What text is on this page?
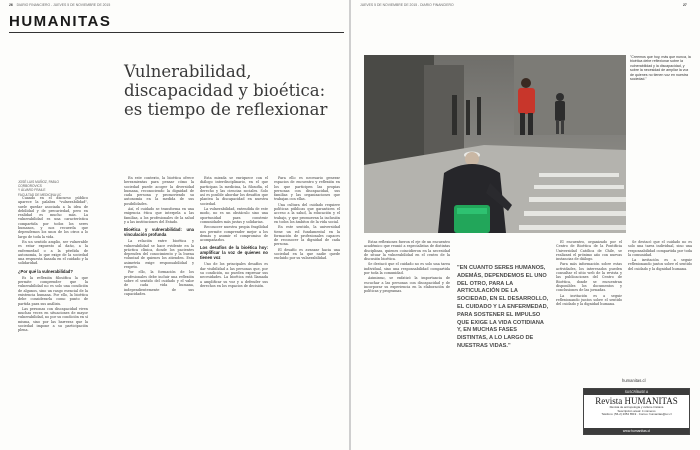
26 DIARIO FINANCIERO - JUEVES 5 DE NOVIEMBRE DE 2015
HUMANITAS
Vulnerabilidad, discapacidad y bioética: es tiempo de reflexionar
JOSÉ LUIS MUÑOZ, PABLO CORBOROVICS
Y ÁLVARO FRAILE
FACULTAD DE MEDICINA UC

Cuando en el discurso público aparece la palabra "vulnerabilidad", suele quedar asociada a la idea de debilidad y de precariedad, pero en realidad es mucho más. La vulnerabilidad es una característica compartida por todos los seres humanos, y nos recuerda que dependemos los unos de los otros a lo largo de toda la vida.

En un sentido amplio, ser vulnerable es estar expuesto al daño, a la enfermedad o a la pérdida de autonomía, lo que exige de la sociedad una respuesta basada en el cuidado y la solidaridad.

¿Por qué la vulnerabilidad?

Es la reflexión filosófica la que permite comprender que la vulnerabilidad no es solo una condición de algunos, sino un rasgo esencial de la existencia humana. Por ello, la bioética debe considerarla como punto de partida para sus análisis.

Las personas con discapacidad viven muchas veces en situaciones de mayor vulnerabilidad, no por su condición en sí misma, sino por las barreras que la sociedad impone a su participación plena.

En este contexto, la bioética ofrece herramientas para pensar cómo la sociedad puede acoger la diversidad humana, reconociendo la dignidad de cada persona y promoviendo su autonomía en la medida de sus posibilidades.

Así, el cuidado se transforma en una exigencia ética que interpela a las familias, a los profesionales de la salud y a las instituciones del Estado.

Bioética y vulnerabilidad: una vinculación profunda

La relación entre bioética y vulnerabilidad se hace evidente en la práctica clínica, donde los pacientes dependen del conocimiento y la buena voluntad de quienes los atienden. Esta asimetría exige responsabilidad y respeto.

Por ello, la formación de los profesionales debe incluir una reflexión sobre el sentido del cuidado y el valor de cada vida humana, independientemente de sus capacidades.

Esta mirada se enriquece con el diálogo interdisciplinario, en el que participan la medicina, la filosofía, el derecho y las ciencias sociales. Solo así es posible abordar los desafíos que plantea la discapacidad en nuestra sociedad.

La vulnerabilidad, entendida de este modo, no es un obstáculo sino una oportunidad para construir comunidades más justas y solidarias.

Reconocer nuestra propia fragilidad nos permite comprender mejor a los demás y asumir el compromiso de acompañarlos.

Los desafíos de la bioética hoy: amplificar la voz de quienes no tienen voz

Uno de los principales desafíos es dar visibilidad a las personas que, por su condición, no pueden expresar sus necesidades. La bioética está llamada a amplificar su voz y a defender sus derechos en los espacios de decisión.

Para ello es necesario generar espacios de encuentro y reflexión en los que participen las propias personas con discapacidad, sus familias y las organizaciones que trabajan con ellas.

Una cultura del cuidado requiere políticas públicas que garanticen el acceso a la salud, la educación y el trabajo, y que promuevan la inclusión en todos los ámbitos de la vida social.

En este sentido, la universidad tiene un rol fundamental en la formación de profesionales capaces de reconocer la dignidad de cada persona.

El desafío es avanzar hacia una sociedad en la que nadie quede excluido por su vulnerabilidad.

JUEVES 5 DE NOVIEMBRE DE 2015 - DIARIO FINANCIERO	27
"Creemos que hoy, más que nunca, la bioética debe reflexionar sobre la vulnerabilidad y la discapacidad, y sobre la necesidad de ampliar la voz de quienes no tienen voz en nuestra sociedad."

Estas reflexiones fueron el eje de un encuentro académico que reunió a especialistas de distintas disciplinas, quienes coincidieron en la necesidad de situar la vulnerabilidad en el centro de la discusión bioética.

Se destacó que el cuidado no es solo una tarea individual, sino una responsabilidad compartida por toda la comunidad.

Asimismo, se enfatizó la importancia de escuchar a las personas con discapacidad y de incorporar su experiencia en la elaboración de políticas y programas.

"EN CUANTO SERES HUMANOS, ADEMÁS, DEPENDEMOS EL UNO DEL OTRO, PARA LA ARTICULACIÓN DE LA SOCIEDAD, EN EL DESARROLLO, EL CUIDADO Y LA ENFERMEDAD, PARA SOSTENER EL IMPULSO QUE EXIGE LA VIDA COTIDIANA Y, EN MUCHAS FASES DISTINTAS, A LO LARGO DE NUESTRAS VIDAS."

El encuentro, organizado por el Centro de Bioética de la Pontificia Universidad Católica de Chile, se realizará el próximo año con nuevas instancias de diálogo.

Para más información sobre estas actividades, los interesados pueden consultar el sitio web de la revista y las publicaciones del Centro de Bioética, donde se encuentran disponibles los documentos y conclusiones de las jornadas.

La invitación es a seguir reflexionando juntos sobre el sentido del cuidado y la dignidad humana.

Se destacó que el cuidado no es solo una tarea individual, sino una responsabilidad compartida por toda la comunidad.

La invitación es a seguir reflexionando juntos sobre el sentido del cuidado y la dignidad humana.

humanitas.cl
SUSCRÍBASE A
Revista HUMANITAS
Revista de antropología y cultura cristiana
Suscripción anual: 4 números
Teléfono: (56-2) 2354 6519 · Correo: humanitas@uc.cl
www.humanitas.cl
